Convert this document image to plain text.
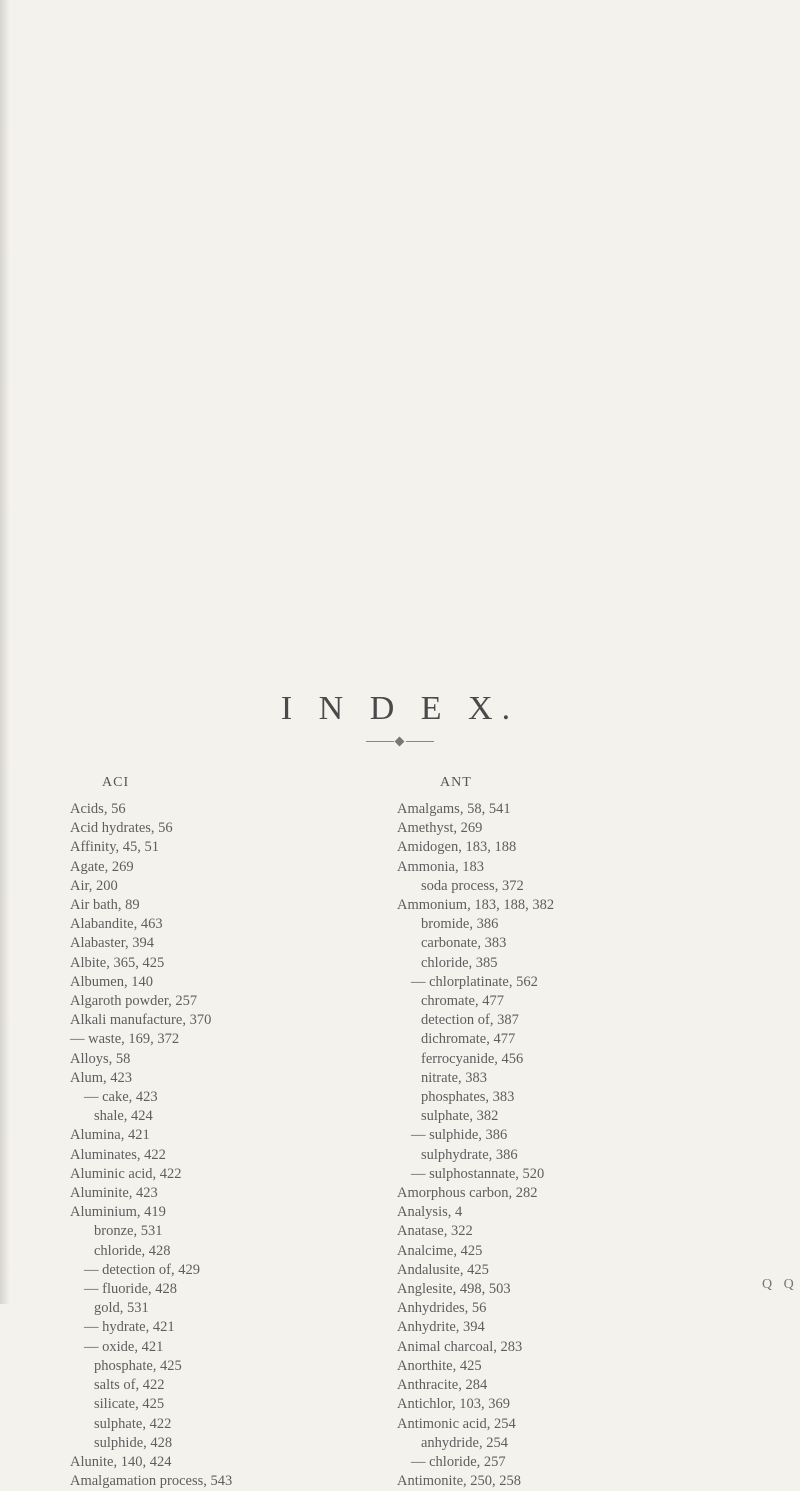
I N D E X.
ACI	ANT
Acids, 56
Acid hydrates, 56
Affinity, 45, 51
Agate, 269
Air, 200
Air bath, 89
Alabandite, 463
Alabaster, 394
Albite, 365, 425
Albumen, 140
Algaroth powder, 257
Alkali manufacture, 370
— waste, 169, 372
Alloys, 58
Alum, 423
— cake, 423
shale, 424
Alumina, 421
Aluminates, 422
Aluminic acid, 422
Aluminite, 423
Aluminium, 419
bronze, 531
chloride, 428
— detection of, 429
— fluoride, 428
gold, 531
— hydrate, 421
— oxide, 421
phosphate, 425
salts of, 422
silicate, 425
sulphate, 422
sulphide, 428
Alunite, 140, 424
Amalgamation process, 543
Amalgams, 58, 541
Amethyst, 269
Amidogen, 183, 188
Ammonia, 183
soda process, 372
Ammonium, 183, 188, 382
bromide, 386
carbonate, 383
chloride, 385
— chlorplatinate, 562
chromate, 477
detection of, 387
dichromate, 477
ferrocyanide, 456
nitrate, 383
phosphates, 383
sulphate, 382
— sulphide, 386
sulphydrate, 386
— sulphostannate, 520
Amorphous carbon, 282
Analysis, 4
Anatase, 322
Analcime, 425
Andalusite, 425
Anglesite, 498, 503
Anhydrides, 56
Anhydrite, 394
Animal charcoal, 283
Anorthite, 425
Anthracite, 284
Antichlor, 103, 369
Antimonic acid, 254
anhydride, 254
— chloride, 257
Antimonite, 250, 258
Q Q
